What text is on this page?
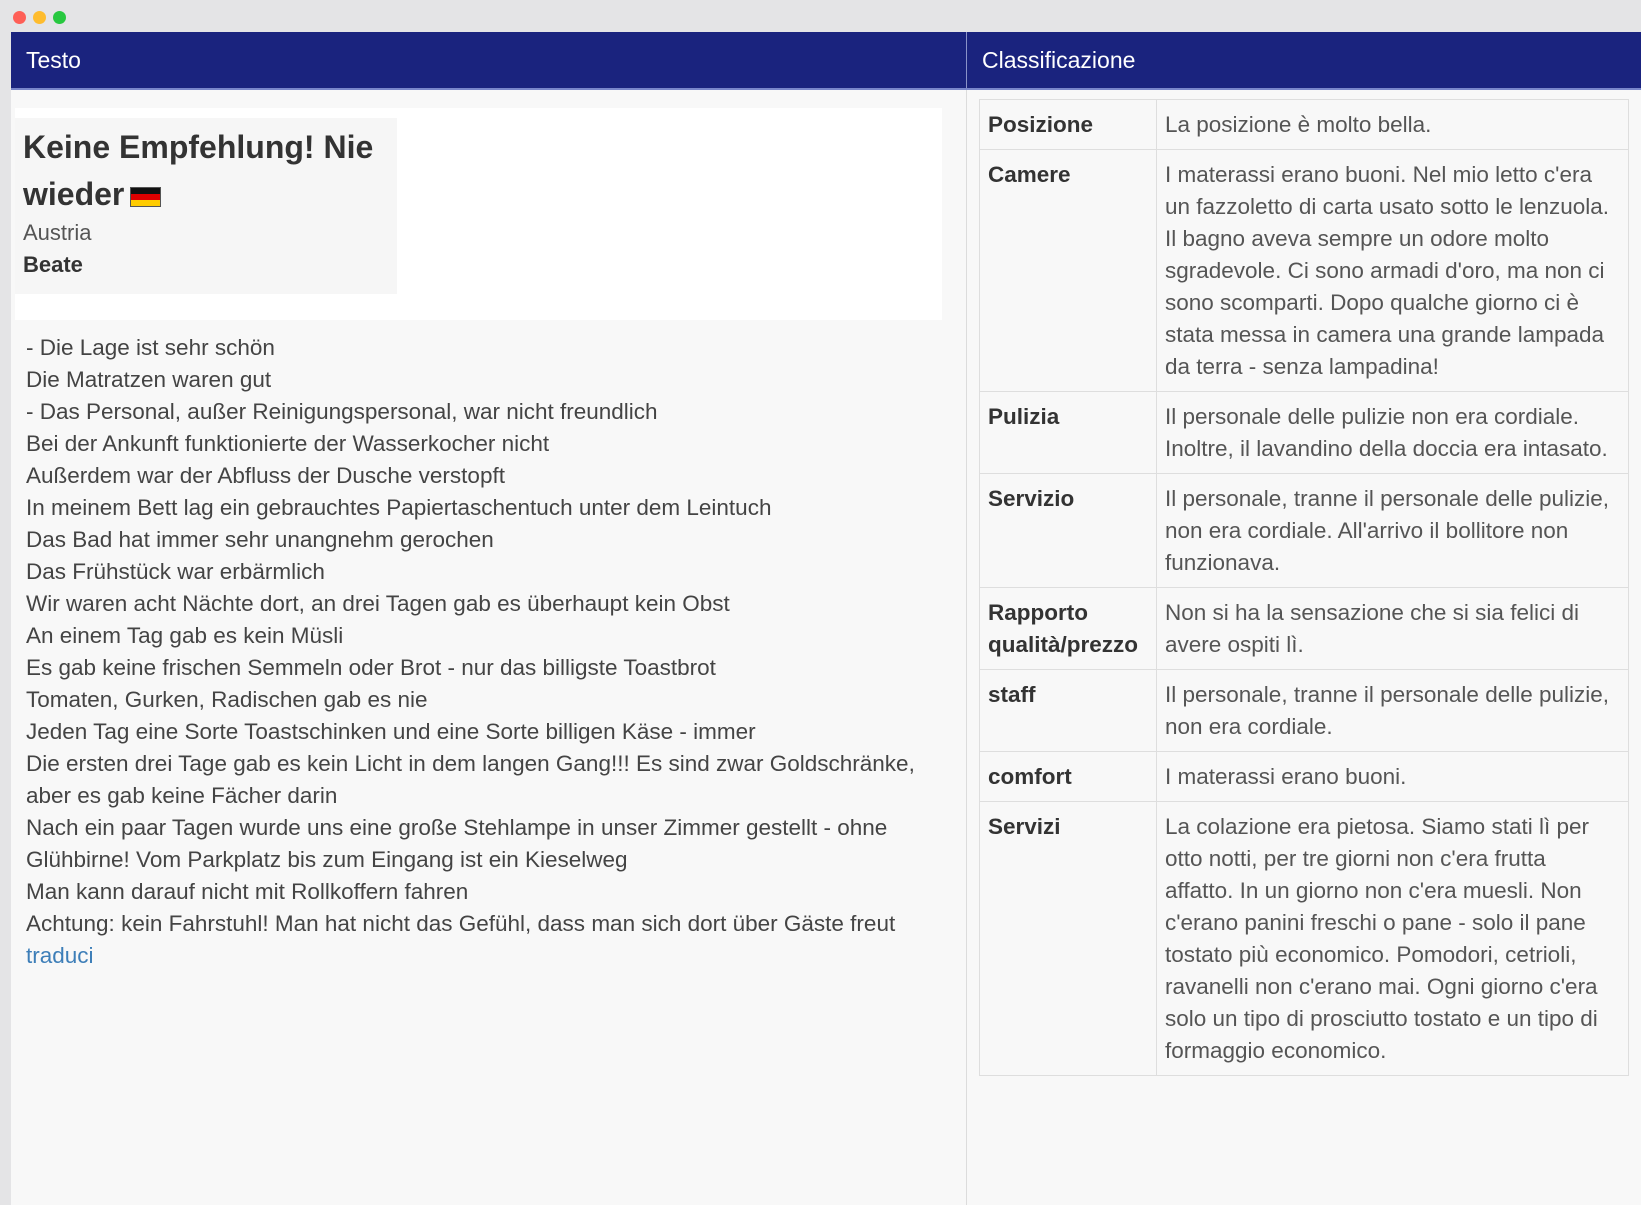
Testo	Classificazione
Keine Empfehlung! Nie wieder
Austria
Beate
- Die Lage ist sehr schön
Die Matratzen waren gut
- Das Personal, außer Reinigungspersonal, war nicht freundlich
Bei der Ankunft funktionierte der Wasserkocher nicht
Außerdem war der Abfluss der Dusche verstopft
In meinem Bett lag ein gebrauchtes Papiertaschentuch unter dem Leintuch
Das Bad hat immer sehr unangnehm gerochen
Das Frühstück war erbärmlich
Wir waren acht Nächte dort, an drei Tagen gab es überhaupt kein Obst
An einem Tag gab es kein Müsli
Es gab keine frischen Semmeln oder Brot - nur das billigste Toastbrot
Tomaten, Gurken, Radischen gab es nie
Jeden Tag eine Sorte Toastschinken und eine Sorte billigen Käse - immer
Die ersten drei Tage gab es kein Licht in dem langen Gang!!! Es sind zwar Goldschränke,
aber es gab keine Fächer darin
Nach ein paar Tagen wurde uns eine große Stehlampe in unser Zimmer gestellt - ohne
Glühbirne! Vom Parkplatz bis zum Eingang ist ein Kieselweg
Man kann darauf nicht mit Rollkoffern fahren
Achtung: kein Fahrstuhl! Man hat nicht das Gefühl, dass man sich dort über Gäste freut
traduci
Posizione	La posizione è molto bella.
Camere	I materassi erano buoni. Nel mio letto c'era un fazzoletto di carta usato sotto le lenzuola. Il bagno aveva sempre un odore molto sgradevole. Ci sono armadi d'oro, ma non ci sono scomparti. Dopo qualche giorno ci è stata messa in camera una grande lampada da terra - senza lampadina!
Pulizia	Il personale delle pulizie non era cordiale. Inoltre, il lavandino della doccia era intasato.
Servizio	Il personale, tranne il personale delle pulizie, non era cordiale. All'arrivo il bollitore non funzionava.
Rapporto qualità/prezzo	Non si ha la sensazione che si sia felici di avere ospiti lì.
staff	Il personale, tranne il personale delle pulizie, non era cordiale.
comfort	I materassi erano buoni.
Servizi	La colazione era pietosa. Siamo stati lì per otto notti, per tre giorni non c'era frutta affatto. In un giorno non c'era muesli. Non c'erano panini freschi o pane - solo il pane tostato più economico. Pomodori, cetrioli, ravanelli non c'erano mai. Ogni giorno c'era solo un tipo di prosciutto tostato e un tipo di formaggio economico.
